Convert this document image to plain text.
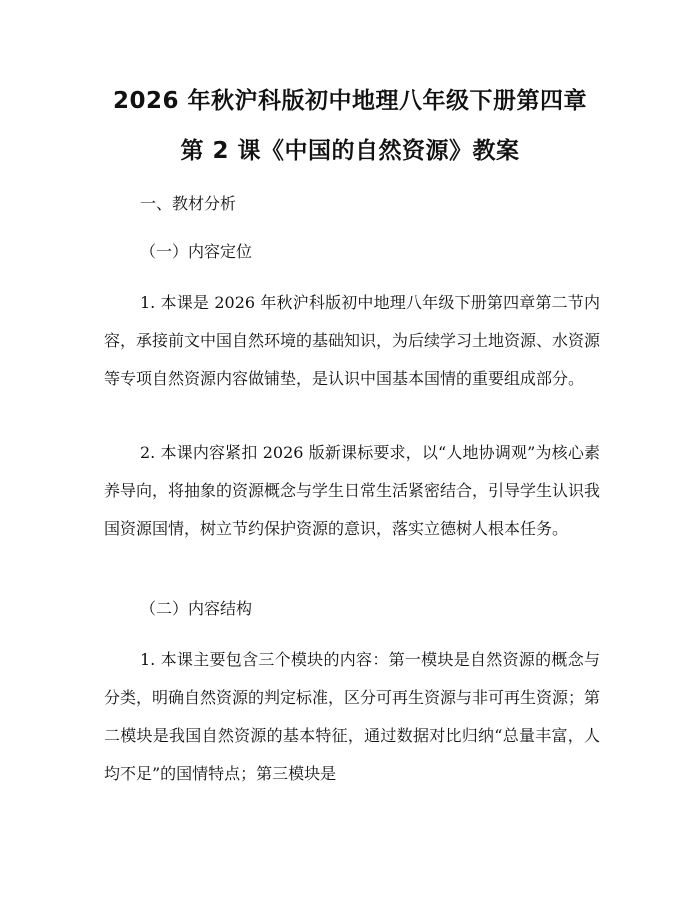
2026 年秋沪科版初中地理八年级下册第四章
第 2 课《中国的自然资源》教案
一、教材分析
（一）内容定位

1. 本课是 2026 年秋沪科版初中地理八年级下册第四章第二节内容，承接前文中国自然环境的基础知识，为后续学习土地资源、水资源等专项自然资源内容做铺垫，是认识中国基本国情的重要组成部分。

2. 本课内容紧扣 2026 版新课标要求，以“人地协调观”为核心素养导向，将抽象的资源概念与学生日常生活紧密结合，引导学生认识我国资源国情，树立节约保护资源的意识，落实立德树人根本任务。

（二）内容结构

1. 本课主要包含三个模块的内容：第一模块是自然资源的概念与分类，明确自然资源的判定标准，区分可再生资源与非可再生资源；第二模块是我国自然资源的基本特征，通过数据对比归纳“总量丰富，人均不足”的国情特点；第三模块是
